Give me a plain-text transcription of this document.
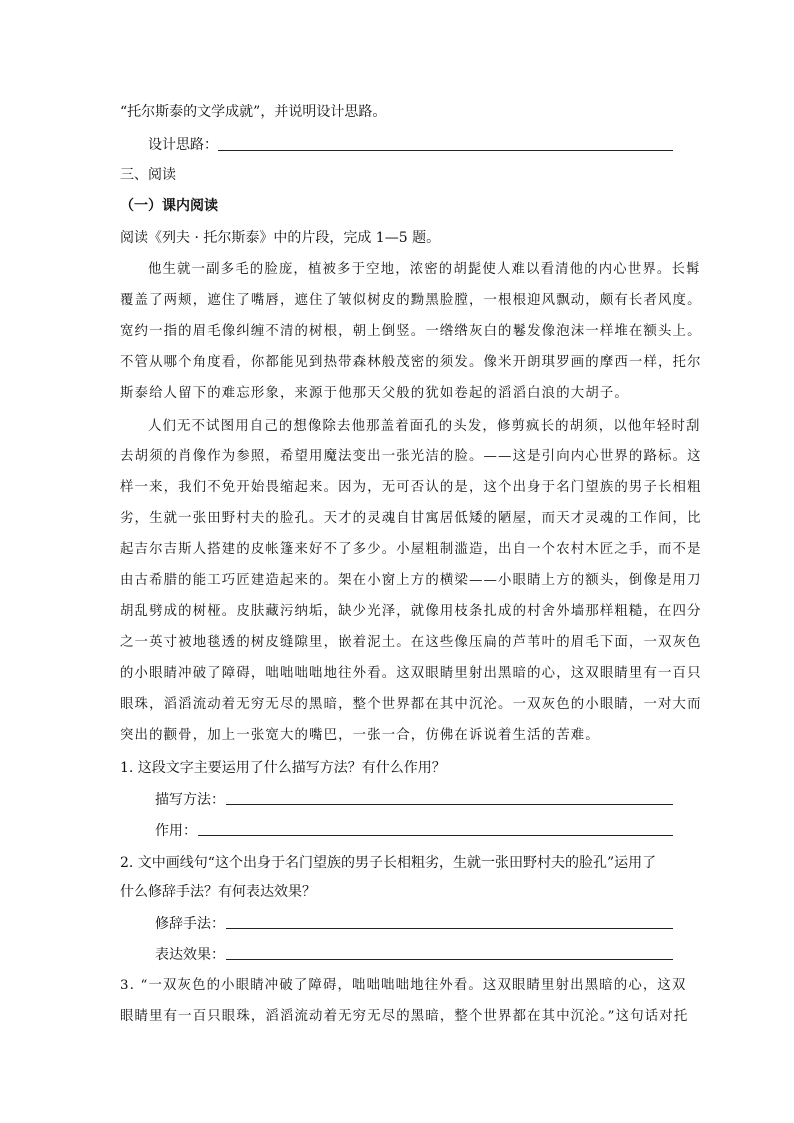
“托尔斯泰的文学成就”，并说明设计思路。
设计思路：
三、阅读
（一）课内阅读
阅读《列夫 · 托尔斯泰》中的片段，完成 1—5 题。
他生就一副多毛的脸庞，植被多于空地，浓密的胡髭使人难以看清他的内心世界。长髯
覆盖了两颊，遮住了嘴唇，遮住了皱似树皮的黝黑脸膛，一根根迎风飘动，颇有长者风度。
宽约一指的眉毛像纠缠不清的树根，朝上倒竖。一绺绺灰白的鬈发像泡沫一样堆在额头上。
不管从哪个角度看，你都能见到热带森林般茂密的须发。像米开朗琪罗画的摩西一样，托尔
斯泰给人留下的难忘形象，来源于他那天父般的犹如卷起的滔滔白浪的大胡子。
人们无不试图用自己的想像除去他那盖着面孔的头发，修剪疯长的胡须，以他年轻时刮
去胡须的肖像作为参照，希望用魔法变出一张光洁的脸。——这是引向内心世界的路标。这
样一来，我们不免开始畏缩起来。因为，无可否认的是，这个出身于名门望族的男子长相粗
劣，生就一张田野村夫的脸孔。天才的灵魂自甘寓居低矮的陋屋，而天才灵魂的工作间，比
起吉尔吉斯人搭建的皮帐篷来好不了多少。小屋粗制滥造，出自一个农村木匠之手，而不是
由古希腊的能工巧匠建造起来的。架在小窗上方的横梁——小眼睛上方的额头，倒像是用刀
胡乱劈成的树桠。皮肤藏污纳垢，缺少光泽，就像用枝条扎成的村舍外墙那样粗糙，在四分
之一英寸被地毯透的树皮缝隙里，嵌着泥土。在这些像压扁的芦苇叶的眉毛下面，一双灰色
的小眼睛冲破了障碍，咄咄咄咄地往外看。这双眼睛里射出黑暗的心，这双眼睛里有一百只
眼珠，滔滔流动着无穷无尽的黑暗，整个世界都在其中沉沦。一双灰色的小眼睛，一对大而
突出的颧骨，加上一张宽大的嘴巴，一张一合，仿佛在诉说着生活的苦难。
1. 这段文字主要运用了什么描写方法？有什么作用？
描写方法：
作用：
2. 文中画线句“这个出身于名门望族的男子长相粗劣，生就一张田野村夫的脸孔”运用了
什么修辞手法？有何表达效果？
修辞手法：
表达效果：
3. “一双灰色的小眼睛冲破了障碍，咄咄咄咄地往外看。这双眼睛里射出黑暗的心，这双
眼睛里有一百只眼珠，滔滔流动着无穷无尽的黑暗，整个世界都在其中沉沦。”这句话对托
